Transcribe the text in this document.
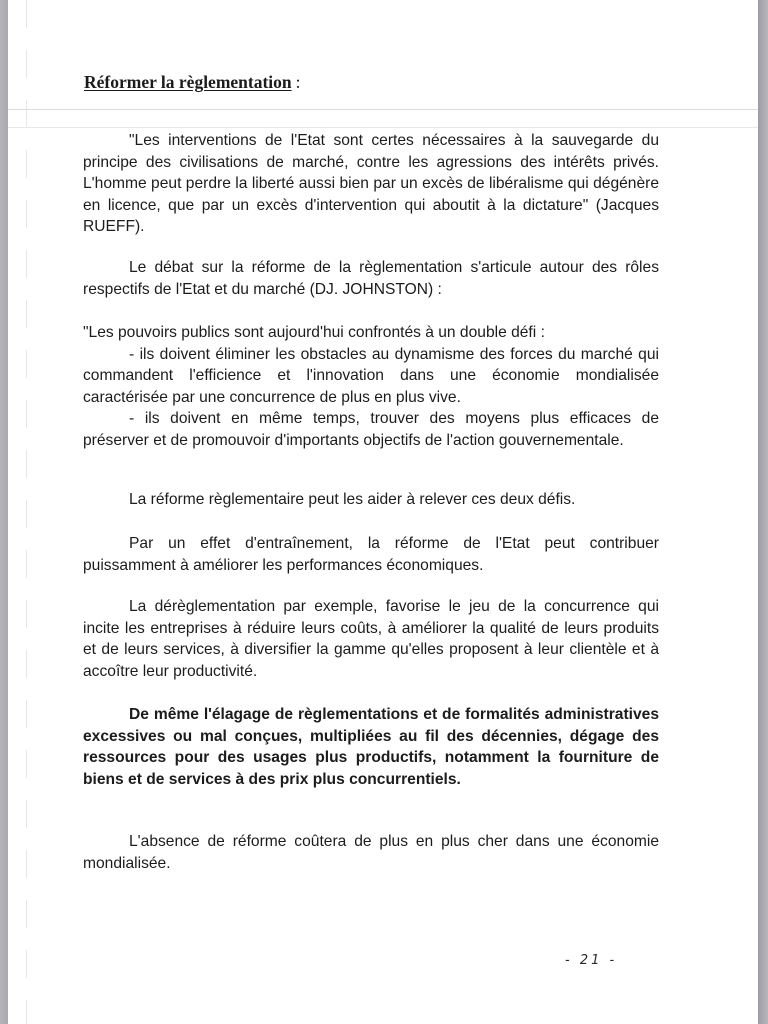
Réformer la règlementation :

"Les interventions de l'Etat sont certes nécessaires à la sauvegarde du principe des civilisations de marché, contre les agressions des intérêts privés. L'homme peut perdre la liberté aussi bien par un excès de libéralisme qui dégénère en licence, que par un excès d'intervention qui aboutit à la dictature" (Jacques RUEFF).

Le débat sur la réforme de la règlementation s'articule autour des rôles respectifs de l'Etat et du marché (DJ. JOHNSTON) :

"Les pouvoirs publics sont aujourd'hui confrontés à un double défi :

- ils doivent éliminer les obstacles au dynamisme des forces du marché qui commandent l'efficience et l'innovation dans une économie mondialisée caractérisée par une concurrence de plus en plus vive.

- ils doivent en même temps, trouver des moyens plus efficaces de préserver et de promouvoir d'importants objectifs de l'action gouvernementale.

La réforme règlementaire peut les aider à relever ces deux défis.

Par un effet d'entraînement, la réforme de l'Etat peut contribuer puissamment à améliorer les performances économiques.

La dérèglementation par exemple, favorise le jeu de la concurrence qui incite les entreprises à réduire leurs coûts, à améliorer la qualité de leurs produits et de leurs services, à diversifier la gamme qu'elles proposent à leur clientèle et à accoître leur productivité.

De même l'élagage de règlementations et de formalités administratives excessives ou mal conçues, multipliées au fil des décennies, dégage des ressources pour des usages plus productifs, notamment la fourniture de biens et de services à des prix plus concurrentiels.

L'absence de réforme coûtera de plus en plus cher dans une économie mondialisée.

- 21 -
